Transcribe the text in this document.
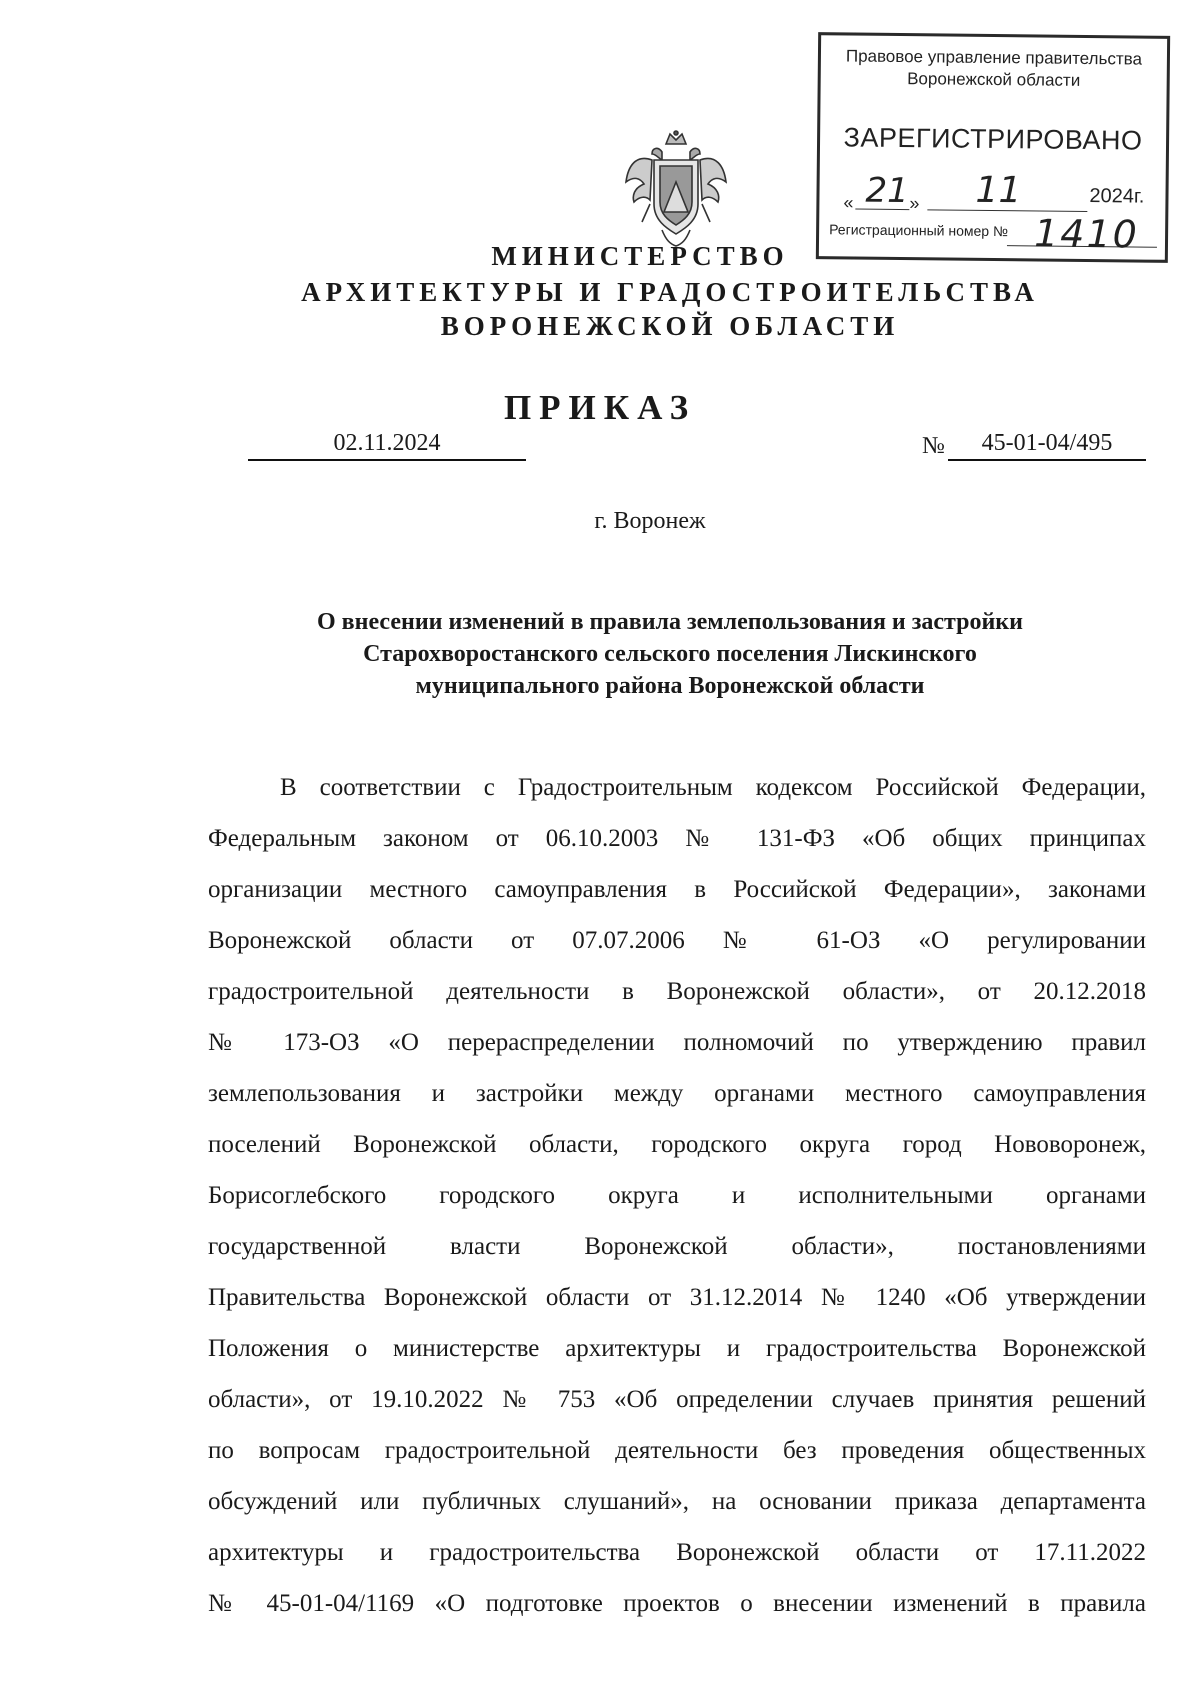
Правовое управление правительства
Воронежской области
ЗАРЕГИСТРИРОВАНО
« 21 » 11	2024г.
Регистрационный номер № 1410
МИНИСТЕРСТВО
АРХИТЕКТУРЫ И ГРАДОСТРОИТЕЛЬСТВА
ВОРОНЕЖСКОЙ ОБЛАСТИ
ПРИКАЗ
02.11.2024	№	45-01-04/495
г. Воронеж
О внесении изменений в правила землепользования и застройки
Старохворостанского сельского поселения Лискинского
муниципального района Воронежской области
В соответствии с Градостроительным кодексом Российской Федерации,
Федеральным законом от 06.10.2003 № 131-ФЗ «Об общих принципах
организации местного самоуправления в Российской Федерации», законами
Воронежской области от 07.07.2006 № 61-ОЗ «О регулировании
градостроительной деятельности в Воронежской области», от 20.12.2018
№ 173-ОЗ «О перераспределении полномочий по утверждению правил
землепользования и застройки между органами местного самоуправления
поселений Воронежской области, городского округа город Нововоронеж,
Борисоглебского городского округа и исполнительными органами
государственной власти Воронежской области», постановлениями
Правительства Воронежской области от 31.12.2014 № 1240 «Об утверждении
Положения о министерстве архитектуры и градостроительства Воронежской
области», от 19.10.2022 № 753 «Об определении случаев принятия решений
по вопросам градостроительной деятельности без проведения общественных
обсуждений или публичных слушаний», на основании приказа департамента
архитектуры и градостроительства Воронежской области от 17.11.2022
№ 45-01-04/1169 «О подготовке проектов о внесении изменений в правила
